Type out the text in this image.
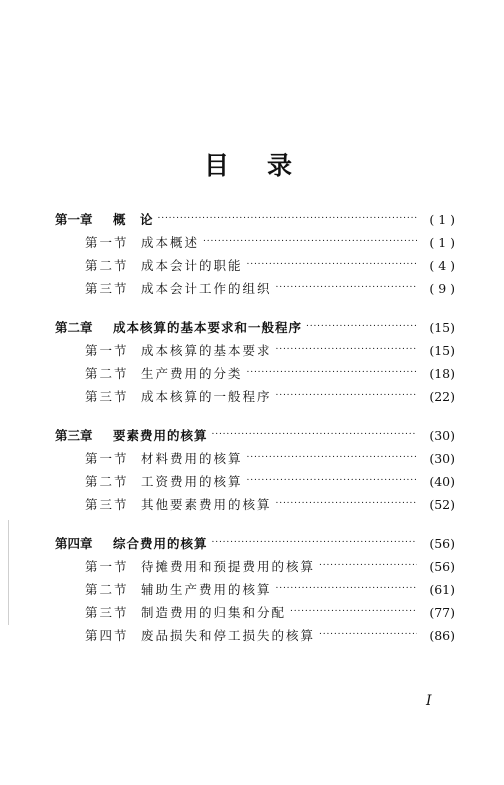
目录
第一章	概　论 . . .	( 1 )
第一节 成本概述 . . .	( 1 )
第二节 成本会计的职能 . . .	( 4 )
第三节 成本会计工作的组织 . . .	( 9 )
第二章	成本核算的基本要求和一般程序 . . .	(15)
第一节 成本核算的基本要求 . . .	(15)
第二节 生产费用的分类 . . .	(18)
第三节 成本核算的一般程序 . . .	(22)
第三章	要素费用的核算 . . .	(30)
第一节 材料费用的核算 . . .	(30)
第二节 工资费用的核算 . . .	(40)
第三节 其他要素费用的核算 . . .	(52)
第四章	综合费用的核算 . . .	(56)
第一节 待摊费用和预提费用的核算 . . .	(56)
第二节 辅助生产费用的核算 . . .	(61)
第三节 制造费用的归集和分配 . . .	(77)
第四节 废品损失和停工损失的核算 . . .	(86)
I
